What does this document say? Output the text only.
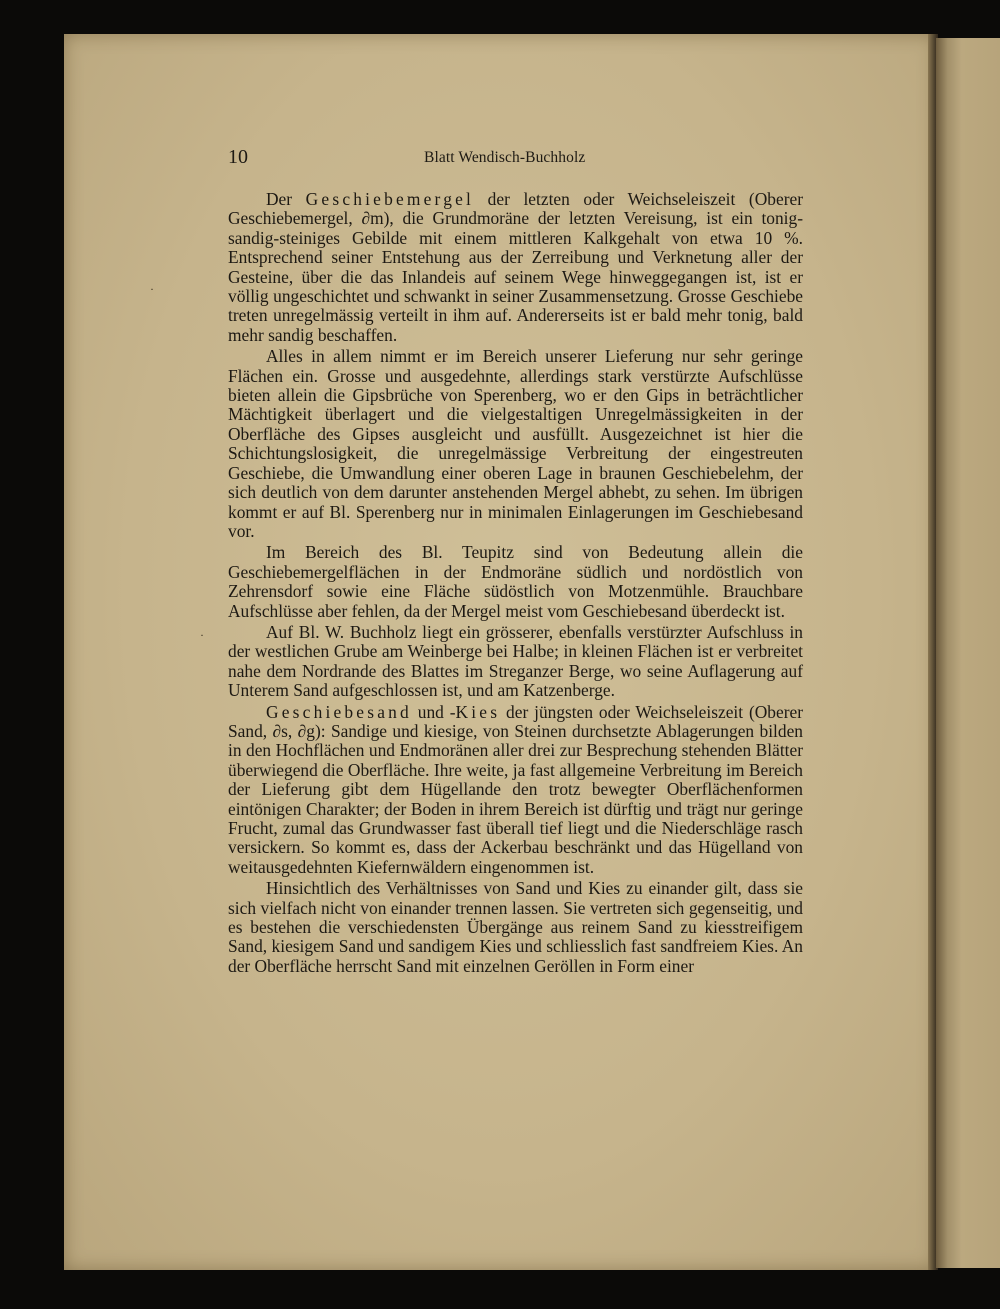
·
·
10	Blatt Wendisch-Buchholz

Der Geschiebemergel der letzten oder Weichseleiszeit (Oberer Geschiebemergel, ∂m), die Grundmoräne der letzten Vereisung, ist ein tonig-sandig-steiniges Gebilde mit einem mittleren Kalkgehalt von etwa 10 %. Entsprechend seiner Entstehung aus der Zerreibung und Verknetung aller der Gesteine, über die das Inlandeis auf seinem Wege hinweggegangen ist, ist er völlig ungeschichtet und schwankt in seiner Zusammensetzung. Grosse Geschiebe treten unregelmässig verteilt in ihm auf. Andererseits ist er bald mehr tonig, bald mehr sandig beschaffen.

Alles in allem nimmt er im Bereich unserer Lieferung nur sehr geringe Flächen ein. Grosse und ausgedehnte, allerdings stark verstürzte Aufschlüsse bieten allein die Gipsbrüche von Sperenberg, wo er den Gips in beträchtlicher Mächtigkeit überlagert und die vielgestaltigen Unregelmässigkeiten in der Oberfläche des Gipses ausgleicht und ausfüllt. Ausgezeichnet ist hier die Schichtungslosigkeit, die unregelmässige Verbreitung der eingestreuten Geschiebe, die Umwandlung einer oberen Lage in braunen Geschiebelehm, der sich deutlich von dem darunter anstehenden Mergel abhebt, zu sehen. Im übrigen kommt er auf Bl. Sperenberg nur in minimalen Einlagerungen im Geschiebesand vor.

Im Bereich des Bl. Teupitz sind von Bedeutung allein die Geschiebemergelflächen in der Endmoräne südlich und nordöstlich von Zehrensdorf sowie eine Fläche südöstlich von Motzenmühle. Brauchbare Aufschlüsse aber fehlen, da der Mergel meist vom Geschiebesand überdeckt ist.

Auf Bl. W. Buchholz liegt ein grösserer, ebenfalls verstürzter Aufschluss in der westlichen Grube am Weinberge bei Halbe; in kleinen Flächen ist er verbreitet nahe dem Nordrande des Blattes im Streganzer Berge, wo seine Auflagerung auf Unterem Sand aufgeschlossen ist, und am Katzenberge.

Geschiebesand und -Kies der jüngsten oder Weichseleiszeit (Oberer Sand, ∂s, ∂g): Sandige und kiesige, von Steinen durchsetzte Ablagerungen bilden in den Hochflächen und Endmoränen aller drei zur Besprechung stehenden Blätter überwiegend die Oberfläche. Ihre weite, ja fast allgemeine Verbreitung im Bereich der Lieferung gibt dem Hügellande den trotz bewegter Oberflächenformen eintönigen Charakter; der Boden in ihrem Bereich ist dürftig und trägt nur geringe Frucht, zumal das Grundwasser fast überall tief liegt und die Niederschläge rasch versickern. So kommt es, dass der Ackerbau beschränkt und das Hügelland von weitausgedehnten Kiefernwäldern eingenommen ist.

Hinsichtlich des Verhältnisses von Sand und Kies zu einander gilt, dass sie sich vielfach nicht von einander trennen lassen. Sie vertreten sich gegenseitig, und es bestehen die verschiedensten Übergänge aus reinem Sand zu kiesstreifigem Sand, kiesigem Sand und sandigem Kies und schliesslich fast sandfreiem Kies. An der Oberfläche herrscht Sand mit einzelnen Geröllen in Form einer
